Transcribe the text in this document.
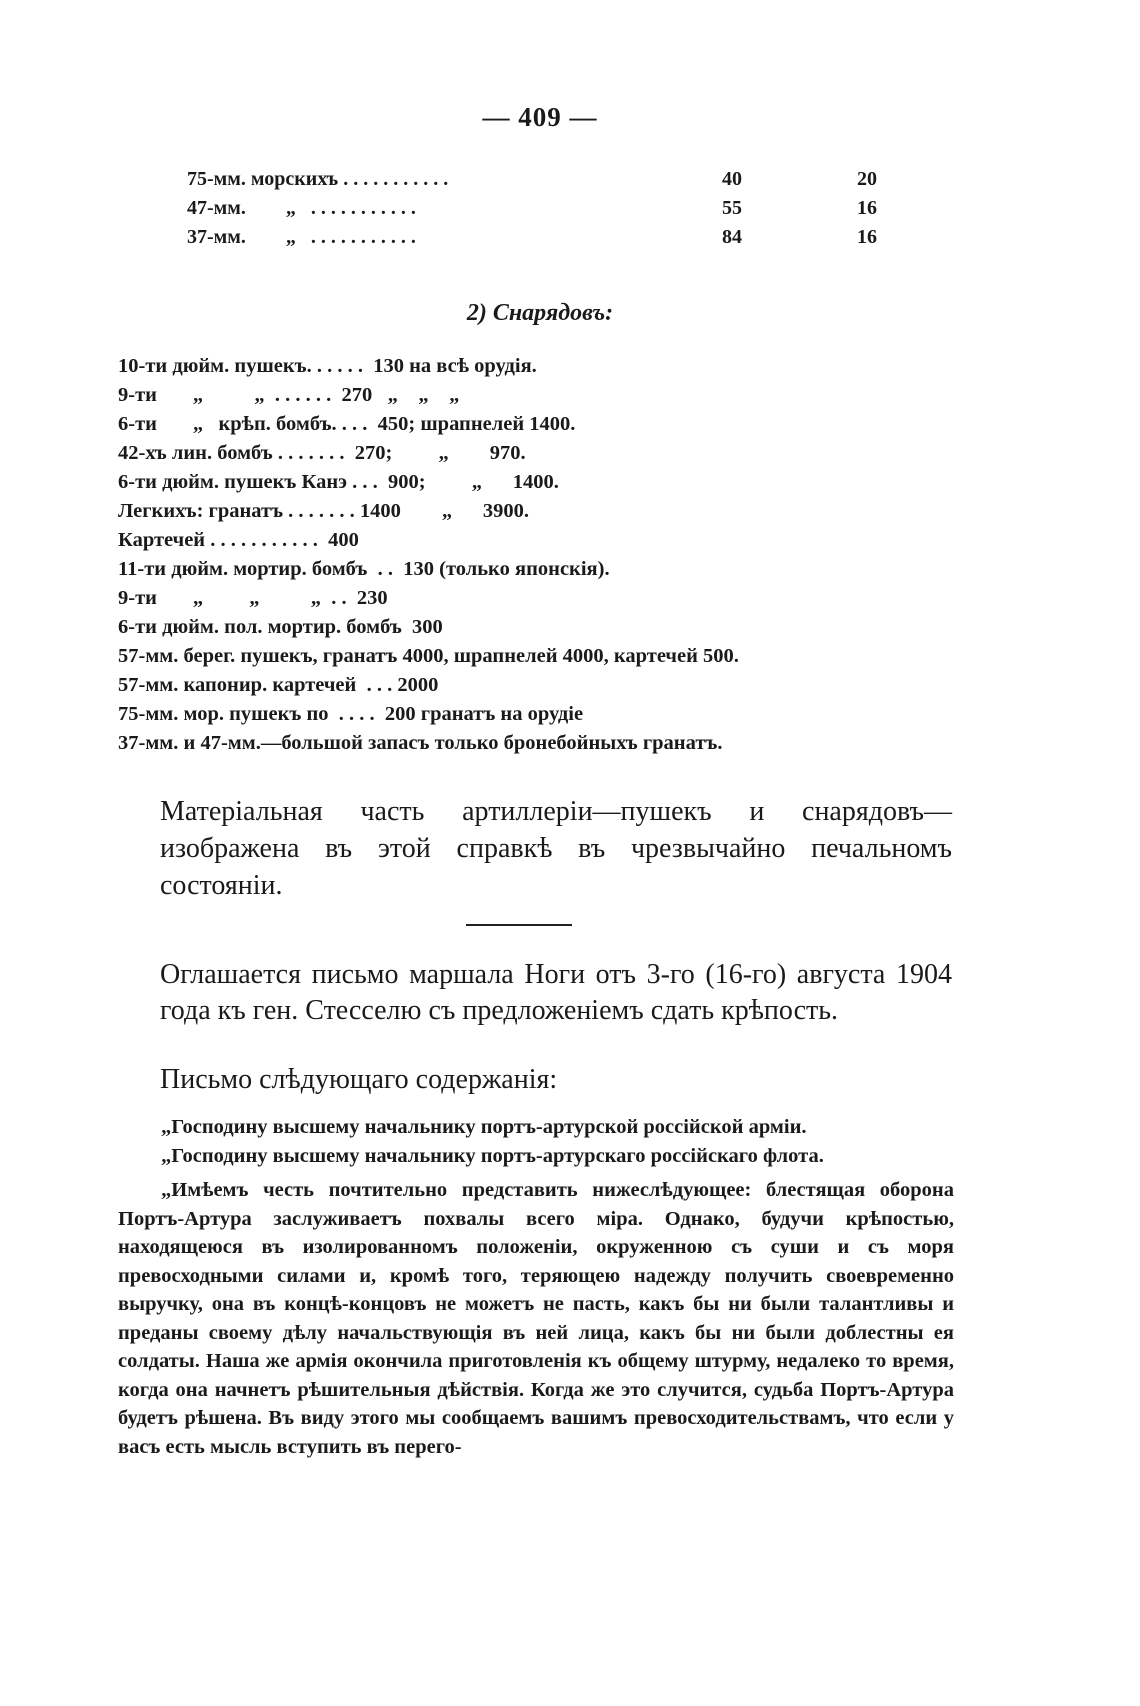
— 409 —
75-мм. морскихъ . . . . . . . . . . .	40	20
47-мм.        „   . . . . . . . . . . .	55	16
37-мм.        „   . . . . . . . . . . .	84	16
2) Снарядовъ:
10-ти дюйм. пушекъ. . . . . .  130 на всѣ орудія.
9-ти       „          „  . . . . . .  270   „    „    „
6-ти       „   крѣп. бомбъ. . . .  450; шрапнелей 1400.
42-хъ лин. бомбъ . . . . . . .  270;         „        970.
6-ти дюйм. пушекъ Канэ . . .  900;         „      1400.
Легкихъ: гранатъ . . . . . . . 1400        „      3900.
Картечей . . . . . . . . . . .  400
11-ти дюйм. мортир. бомбъ  . .  130 (только японскія).
9-ти       „         „          „  . .  230
6-ти дюйм. пол. мортир. бомбъ  300
57-мм. берег. пушекъ, гранатъ 4000, шрапнелей 4000, картечей 500.
57-мм. капонир. картечей  . . . 2000
75-мм. мор. пушекъ по  . . . .  200 гранатъ на орудіе
37-мм. и 47-мм.—большой запасъ только бронебойныхъ гранатъ.

Матеріальная часть артиллеріи—пушекъ и снарядовъ— изображена въ этой справкѣ въ чрезвычайно печальномъ состояніи.

Оглашается письмо маршала Ноги отъ 3-го (16-го) августа 1904 года къ ген. Стесселю съ предложеніемъ сдать крѣпость.

Письмо слѣдующаго содержанія:

„Господину высшему начальнику портъ-артурской россійской арміи.

„Господину высшему начальнику портъ-артурскаго россійскаго флота.

„Имѣемъ честь почтительно представить нижеслѣдующее: блестящая оборона Портъ-Артура заслуживаетъ похвалы всего міра. Однако, будучи крѣпостью, находящеюся въ изолированномъ положеніи, окруженною съ суши и съ моря превосходными силами и, кромѣ того, теряющею надежду получить своевременно выручку, она въ концѣ-концовъ не можетъ не пасть, какъ бы ни были талантливы и преданы своему дѣлу начальствующія въ ней лица, какъ бы ни были доблестны ея солдаты. Наша же армія окончила приготовленія къ общему штурму, недалеко то время, когда она начнетъ рѣшительныя дѣйствія. Когда же это случится, судьба Портъ-Артура будетъ рѣшена. Въ виду этого мы сообщаемъ вашимъ превосходительствамъ, что если у васъ есть мысль вступить въ перего-
